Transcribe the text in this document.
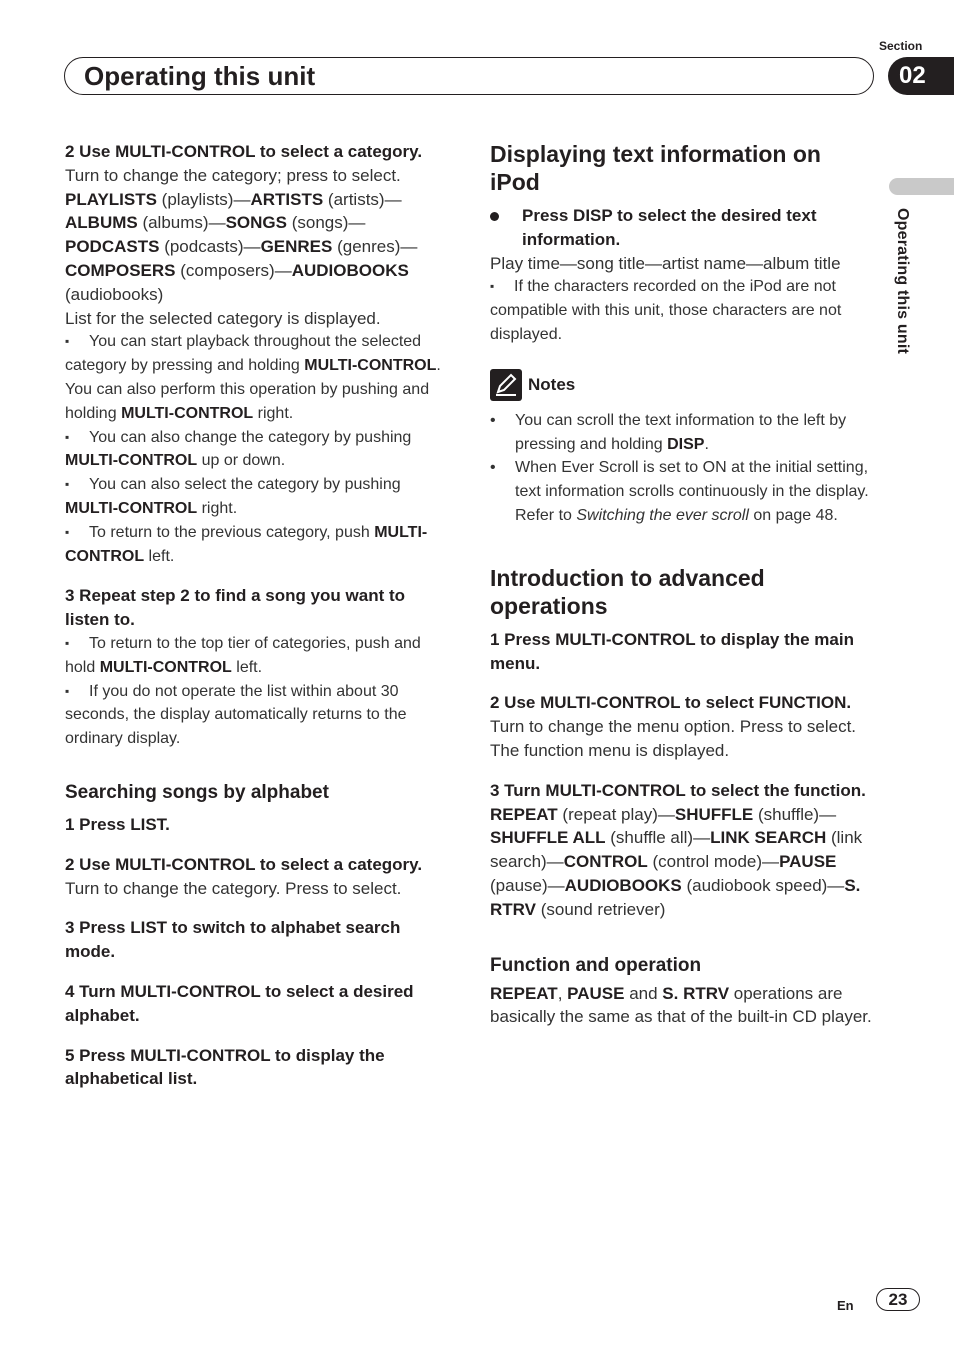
Operating this unit
Section
02
Operating this unit

2 Use MULTI-CONTROL to select a category.

Turn to change the category; press to select.

PLAYLISTS (playlists)—ARTISTS (artists)—ALBUMS (albums)—SONGS (songs)—PODCASTS (podcasts)—GENRES (genres)—COMPOSERS (composers)—AUDIOBOOKS (audiobooks)

List for the selected category is displayed.

▪ You can start playback throughout the selected category by pressing and holding MULTI-CONTROL. You can also perform this operation by pushing and holding MULTI-CONTROL right.

▪ You can also change the category by pushing MULTI-CONTROL up or down.

▪ You can also select the category by pushing MULTI-CONTROL right.

▪ To return to the previous category, push MULTI-CONTROL left.

3 Repeat step 2 to find a song you want to listen to.

▪ To return to the top tier of categories, push and hold MULTI-CONTROL left.

▪ If you do not operate the list within about 30 seconds, the display automatically returns to the ordinary display.

Searching songs by alphabet

1 Press LIST.

2 Use MULTI-CONTROL to select a category.

Turn to change the category. Press to select.

3 Press LIST to switch to alphabet search mode.

4 Turn MULTI-CONTROL to select a desired alphabet.

5 Press MULTI-CONTROL to display the alphabetical list.

Displaying text information on iPod

Press DISP to select the desired text information.

Play time—song title—artist name—album title

▪ If the characters recorded on the iPod are not compatible with this unit, those characters are not displayed.

Notes
• You can scroll the text information to the left by pressing and holding DISP.
• When Ever Scroll is set to ON at the initial setting, text information scrolls continuously in the display. Refer to Switching the ever scroll on page 48.

Introduction to advanced operations

1 Press MULTI-CONTROL to display the main menu.

2 Use MULTI-CONTROL to select FUNCTION.

Turn to change the menu option. Press to select.

The function menu is displayed.

3 Turn MULTI-CONTROL to select the function.

REPEAT (repeat play)—SHUFFLE (shuffle)—SHUFFLE ALL (shuffle all)—LINK SEARCH (link search)—CONTROL (control mode)—PAUSE (pause)—AUDIOBOOKS (audiobook speed)—S. RTRV (sound retriever)

Function and operation

REPEAT, PAUSE and S. RTRV operations are basically the same as that of the built-in CD player.

En	23
